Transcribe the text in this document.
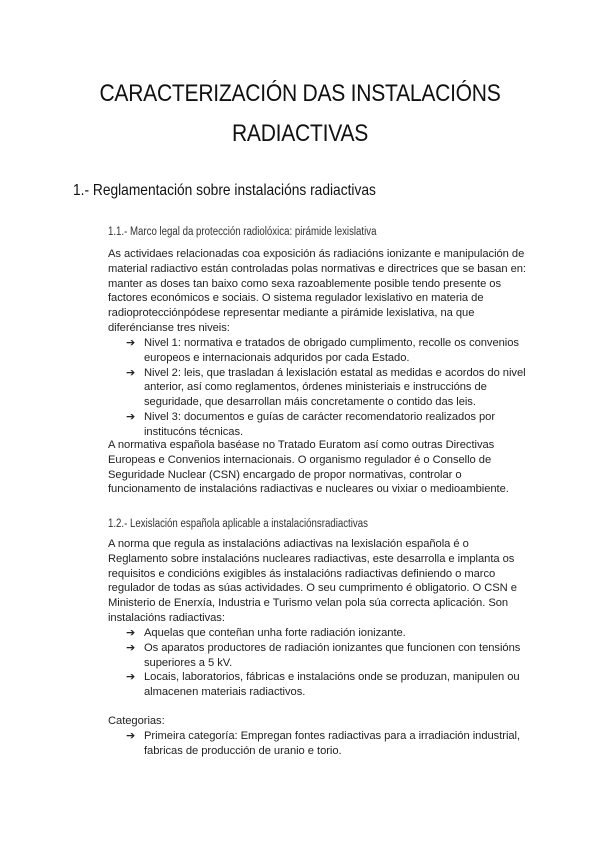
CARACTERIZACIÓN DAS INSTALACIÓNS
RADIACTIVAS
1.- Reglamentación sobre instalacións radiactivas
1.1.- Marco legal da protección radiolóxica: pirámide lexislativa
As actividaes relacionadas coa exposición ás radiacións ionizante e manipulación de material radiactivo están controladas polas normativas e directrices que se basan en: manter as doses tan baixo como sexa razoablemente posible tendo presente os factores económicos e sociais. O sistema regulador lexislativo en materia de radioprotecciónpódese representar mediante a pirámide lexislativa, na que diferéncianse tres niveis:
➔ Nivel 1: normativa e tratados de obrigado cumplimento, recolle os convenios europeos e internacionais adquridos por cada Estado.
➔ Nivel 2: leis, que trasladan á lexislación estatal as medidas e acordos do nivel anterior, así como reglamentos, órdenes ministeriais e instruccións de seguridade, que desarrollan máis concretamente o contido das leis.
➔ Nivel 3: documentos e guías de carácter recomendatorio realizados por institucóns técnicas.
A normativa española baséase no Tratado Euratom así como outras Directivas Europeas e Convenios internacionais. O organismo regulador é o Consello de Seguridade Nuclear (CSN) encargado de propor normativas, controlar o funcionamento de instalacións radiactivas e nucleares ou vixiar o medioambiente.
1.2.- Lexislación española aplicable a instalaciónsradiactivas
A norma que regula as instalacións adiactivas na lexislación española é o Reglamento sobre instalacións nucleares radiactivas, este desarrolla e implanta os requisitos e condicións exigibles ás instalacións radiactivas definiendo o marco regulador de todas as súas actividades. O seu cumprimento é obligatorio. O CSN e Ministerio de Enerxía, Industria e Turismo velan pola súa correcta aplicación. Son instalacións radiactivas:
➔ Aquelas que conteñan unha forte radiación ionizante.
➔ Os aparatos productores de radiación ionizantes que funcionen con tensións superiores a 5 kV.
➔ Locais, laboratorios, fábricas e instalacións onde se produzan, manipulen ou almacenen materiais radiactivos.
Categorias:
➔ Primeira categoría: Empregan fontes radiactivas para a irradiación industrial, fabricas de producción de uranio e torio.
